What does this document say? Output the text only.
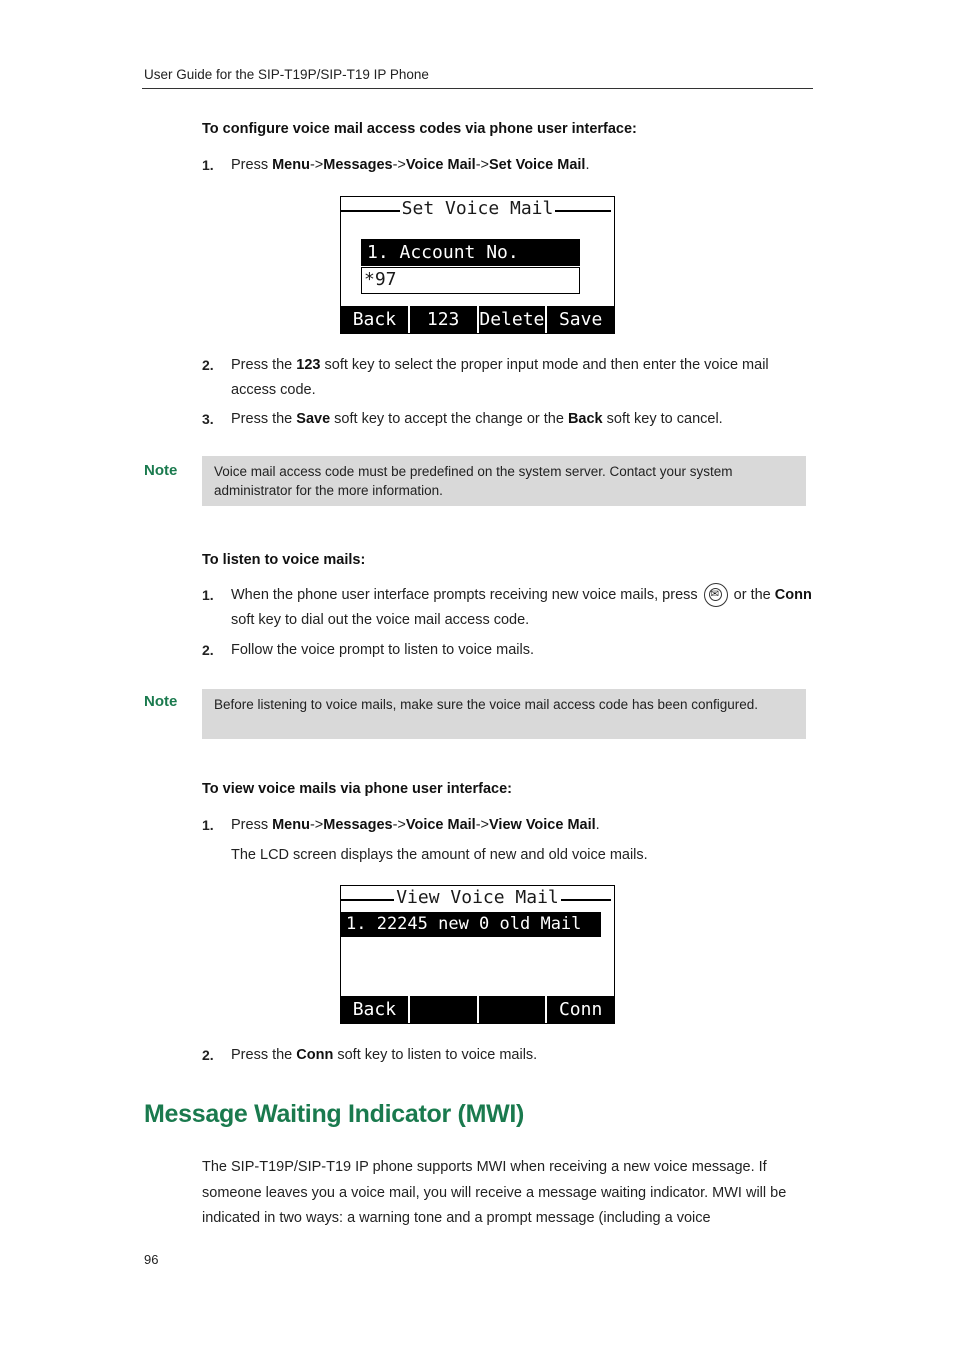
User Guide for the SIP-T19P/SIP-T19 IP Phone
To configure voice mail access codes via phone user interface:
1. Press Menu->Messages->Voice Mail->Set Voice Mail.
Set Voice Mail
1. Account No.
*97
Back	123	Delete Save
2. Press the 123 soft key to select the proper input mode and then enter the voice mail access code.
3. Press the Save soft key to accept the change or the Back soft key to cancel.
Note	Voice mail access code must be predefined on the system server. Contact your system administrator for the more information.
To listen to voice mails:
1. When the phone user interface prompts receiving new voice mails, press✉ or the Conn soft key to dial out the voice mail access code.
2. Follow the voice prompt to listen to voice mails.
Note	Before listening to voice mails, make sure the voice mail access code has been configured.
To view voice mails via phone user interface:
1. Press Menu->Messages->Voice Mail->View Voice Mail.
The LCD screen displays the amount of new and old voice mails.
View Voice Mail
1. 22245 new 0 old Mail
Back	Conn
2. Press the Conn soft key to listen to voice mails.
Message Waiting Indicator (MWI)
The SIP-T19P/SIP-T19 IP phone supports MWI when receiving a new voice message. If someone leaves you a voice mail, you will receive a message waiting indicator. MWI will be indicated in two ways: a warning tone and a prompt message (including a voice
96
